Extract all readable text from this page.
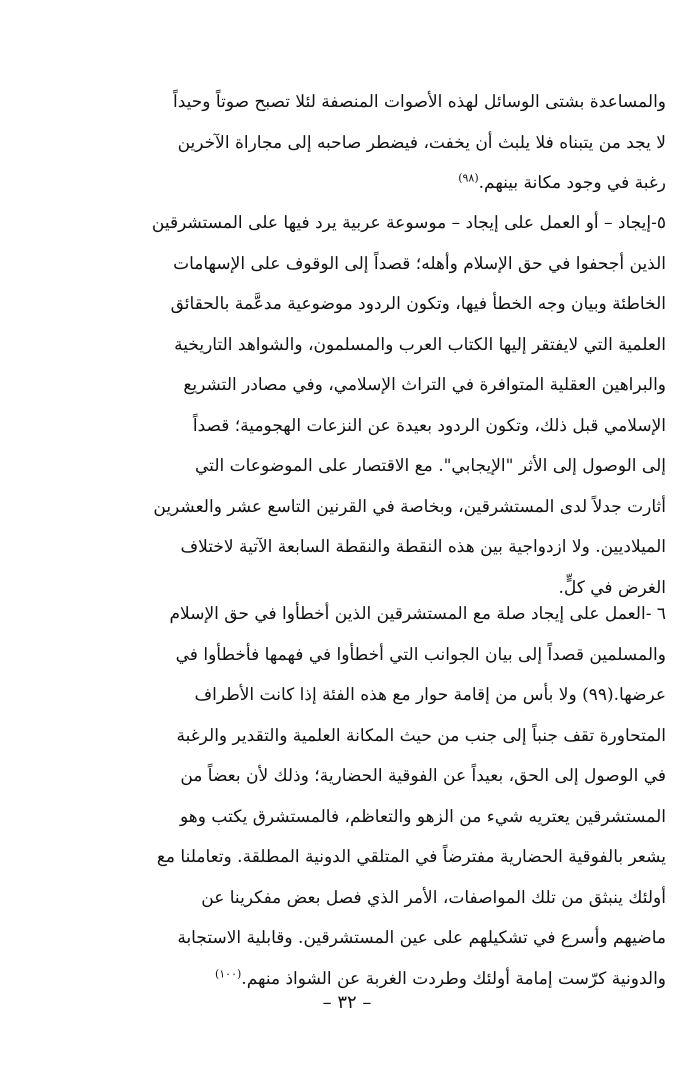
والمساعدة بشتى الوسائل لهذه الأصوات المنصفة لئلا تصبح صوتاً وحيداً
لا يجد من يتبناه فلا يلبث أن يخفت، فيضطر صاحبه إلى مجاراة الآخرين
رغبة في وجود مكانة بينهم.$^{(٩٨)}$
٥-إيجاد – أو العمل على إيجاد – موسوعة عربية يرد فيها على المستشرقين
الذين أجحفوا في حق الإسلام وأهله؛ قصداً إلى الوقوف على الإسهامات
الخاطئة وبيان وجه الخطأ فيها، وتكون الردود موضوعية مدعَّمة بالحقائق
العلمية التي لايفتقر إليها الكتاب العرب والمسلمون، والشواهد التاريخية
والبراهين العقلية المتوافرة في التراث الإسلامي، وفي مصادر التشريع
الإسلامي قبل ذلك، وتكون الردود بعيدة عن النزعات الهجومية؛ قصداً
إلى الوصول إلى الأثر "الإيجابي". مع الاقتصار على الموضوعات التي
أثارت جدلاً لدى المستشرقين، وبخاصة في القرنين التاسع عشر والعشرين
الميلاديين. ولا ازدواجية بين هذه النقطة والنقطة السابعة الآتية لاختلاف
الغرض في كلٍّ.
٦ -العمل على إيجاد صلة مع المستشرقين الذين أخطأوا في حق الإسلام
والمسلمين قصداً إلى بيان الجوانب التي أخطأوا في فهمها فأخطأوا في
عرضها.(٩٩) ولا بأس من إقامة حوار مع هذه الفئة إذا كانت الأطراف
المتحاورة تقف جنباً إلى جنب من حيث المكانة العلمية والتقدير والرغبة
في الوصول إلى الحق، بعيداً عن الفوقية الحضارية؛ وذلك لأن بعضاً من
المستشرقين يعتريه شيء من الزهو والتعاظم، فالمستشرق يكتب وهو
يشعر بالفوقية الحضارية مفترضاً في المتلقي الدونية المطلقة. وتعاملنا مع
أولئك ينبثق من تلك المواصفات، الأمر الذي فصل بعض مفكرينا عن
ماضيهم وأسرع في تشكيلهم على عين المستشرقين. وقابلية الاستجابة
والدونية كرّست إمامة أولئك وطردت الغربة عن الشواذ منهم.$^{(١٠٠)}$
– ٣٢ –
